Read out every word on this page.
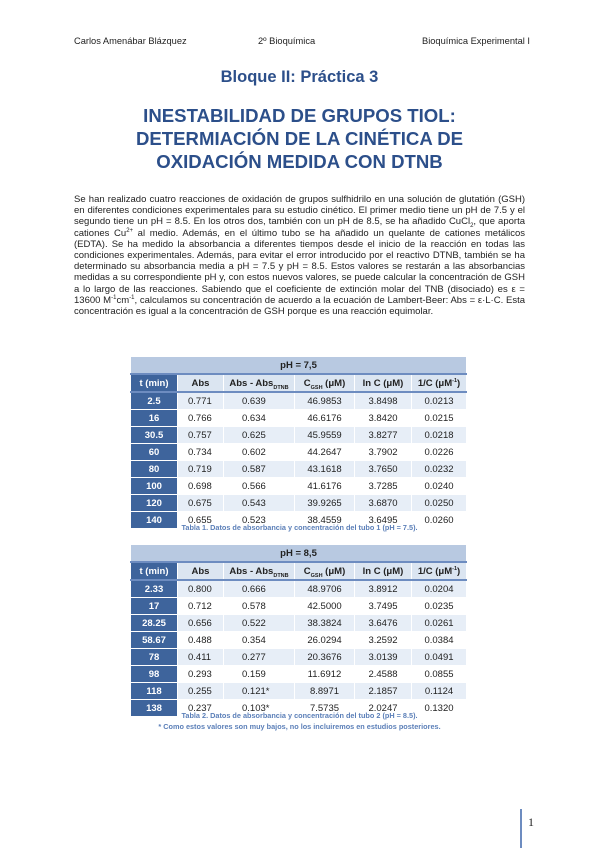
Carlos Amenábar Blázquez	2º Bioquímica	Bioquímica Experimental I
Bloque II: Práctica 3
INESTABILIDAD DE GRUPOS TIOL:
DETERMIACIÓN DE LA CINÉTICA DE
OXIDACIÓN MEDIDA CON DTNB
Se han realizado cuatro reacciones de oxidación de grupos sulfhidrilo en una solución de glutatión (GSH) en diferentes condiciones experimentales para su estudio cinético. El primer medio tiene un pH de 7.5 y el segundo tiene un pH = 8.5. En los otros dos, también con un pH de 8.5, se ha añadido CuCl$_2$, que aporta cationes $Cu^{2+}$ al medio. Además, en el último tubo se ha añadido un quelante de cationes metálicos (EDTA). Se ha medido la absorbancia a diferentes tiempos desde el inicio de la reacción en todas las condiciones experimentales. Además, para evitar el error introducido por el reactivo DTNB, también se ha determinado su absorbancia media a pH = 7.5 y pH = 8.5. Estos valores se restarán a las absorbancias medidas a su correspondiente pH y, con estos nuevos valores, se puede calcular la concentración de GSH a lo largo de las reacciones. Sabiendo que el coeficiente de extinción molar del TNB (disociado) es ε = 13600 $M^{-1}cm^{-1}$, calculamos su concentración de acuerdo a la ecuación de Lambert-Beer: Abs = ε·L·C. Esta concentración es igual a la concentración de GSH porque es una reacción equimolar.
pH = 7,5					
t (min)	Abs	Abs - Abs$_{DTNB}$	$C_{GSH}$ (μM)	ln C (μM)	1/C $(\mu M^{-1})$
2.5	0.771	0.639	46.9853	3.8498	0.0213
16	0.766	0.634	46.6176	3.8420	0.0215
30.5	0.757	0.625	45.9559	3.8277	0.0218
60	0.734	0.602	44.2647	3.7902	0.0226
80	0.719	0.587	43.1618	3.7650	0.0232
100	0.698	0.566	41.6176	3.7285	0.0240
120	0.675	0.543	39.9265	3.6870	0.0250
140	0.655	0.523	38.4559	3.6495	0.0260
Tabla 1. Datos de absorbancia y concentración del tubo 1 (pH = 7.5).
pH = 8,5					
t (min)	Abs	Abs - Abs$_{DTNB}$	$C_{GSH}$ (μM)	ln C (μM)	1/C $(\mu M^{-1})$
2.33	0.800	0.666	48.9706	3.8912	0.0204
17	0.712	0.578	42.5000	3.7495	0.0235
28.25	0.656	0.522	38.3824	3.6476	0.0261
58.67	0.488	0.354	26.0294	3.2592	0.0384
78	0.411	0.277	20.3676	3.0139	0.0491
98	0.293	0.159	11.6912	2.4588	0.0855
118	0.255	0.121*	8.8971	2.1857	0.1124
138	0.237	0.103*	7.5735	2.0247	0.1320
Tabla 2. Datos de absorbancia y concentración del tubo 2 (pH = 8.5).
* Como estos valores son muy bajos, no los incluiremos en estudios posteriores.
1
